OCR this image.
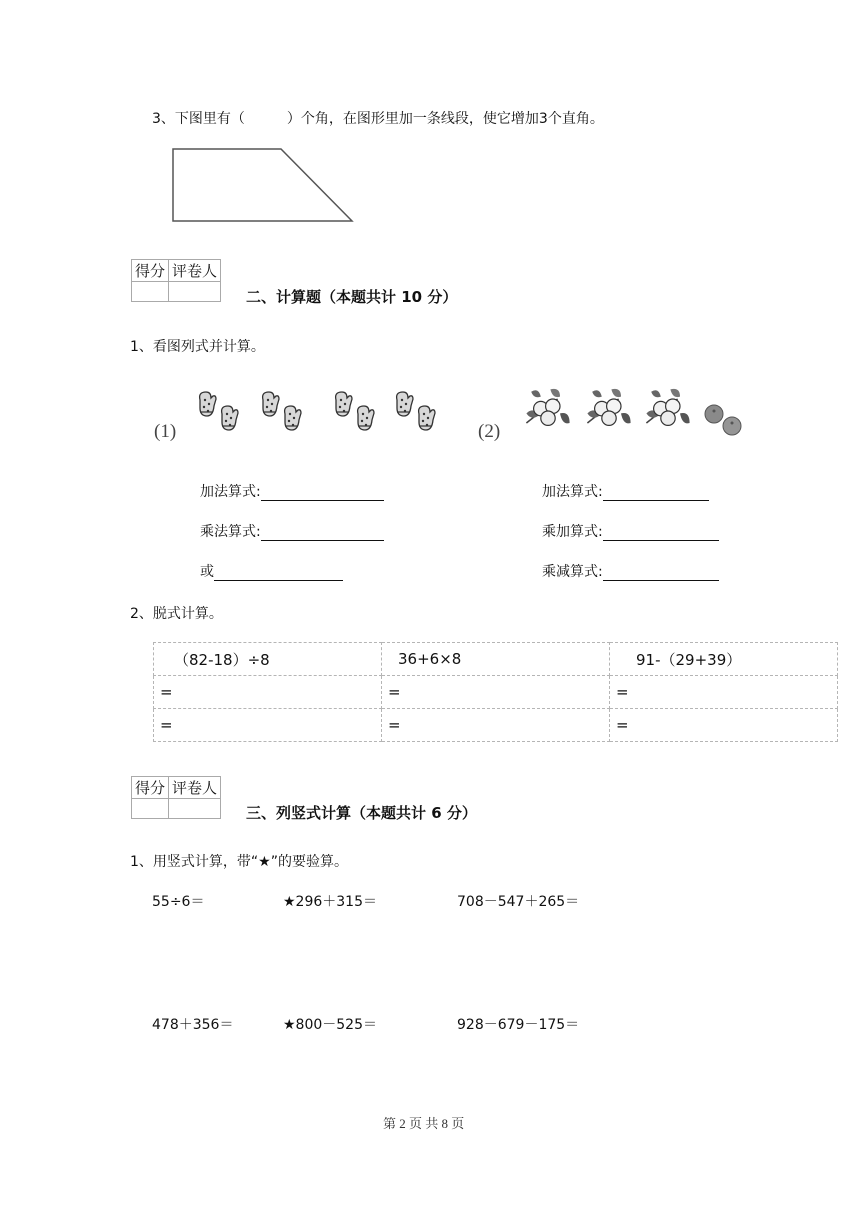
3、下图里有（　　　）个角，在图形里加一条线段，使它增加3个直角。
得分	评卷人

二、计算题（本题共计 10 分）
1、看图列式并计算。
(1)	(2)
加法算式:
乘法算式:
或
加法算式:
乘加算式:
乘减算式:
2、脱式计算。
（82-18）÷8	36+6×8	91-（29+39）
=	=	=
=	=	=
得分	评卷人

三、列竖式计算（本题共计 6 分）
1、用竖式计算，带“★”的要验算。
55÷6＝	★296＋315＝	708－547＋265＝
478＋356＝	★800－525＝	928－679－175＝
第 2 页 共 8 页
